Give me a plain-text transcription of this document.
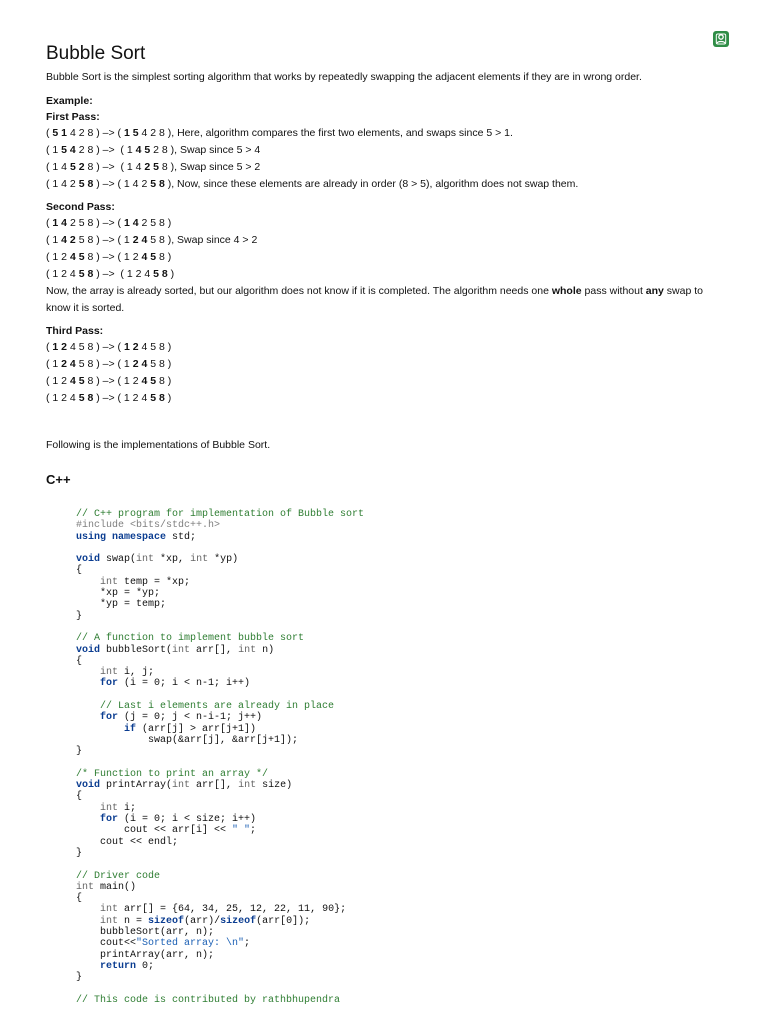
Bubble Sort
Bubble Sort is the simplest sorting algorithm that works by repeatedly swapping the adjacent elements if they are in wrong order.
Example:
First Pass:
( 5 1 4 2 8 ) –> ( 1 5 4 2 8 ), Here, algorithm compares the first two elements, and swaps since 5 > 1.
( 1 5 4 2 8 ) –>  ( 1 4 5 2 8 ), Swap since 5 > 4
( 1 4 5 2 8 ) –>  ( 1 4 2 5 8 ), Swap since 5 > 2
( 1 4 2 5 8 ) –> ( 1 4 2 5 8 ), Now, since these elements are already in order (8 > 5), algorithm does not swap them.
Second Pass:
( 1 4 2 5 8 ) –> ( 1 4 2 5 8 )
( 1 4 2 5 8 ) –> ( 1 2 4 5 8 ), Swap since 4 > 2
( 1 2 4 5 8 ) –> ( 1 2 4 5 8 )
( 1 2 4 5 8 ) –>  ( 1 2 4 5 8 )
Now, the array is already sorted, but our algorithm does not know if it is completed. The algorithm needs one whole pass without any swap to know it is sorted.
Third Pass:
( 1 2 4 5 8 ) –> ( 1 2 4 5 8 )
( 1 2 4 5 8 ) –> ( 1 2 4 5 8 )
( 1 2 4 5 8 ) –> ( 1 2 4 5 8 )
( 1 2 4 5 8 ) –> ( 1 2 4 5 8 )
Following is the implementations of Bubble Sort.
C++
// C++ program for implementation of Bubble sort
#include <bits/stdc++.h>
using namespace std;

void swap(int *xp, int *yp)
{
int temp = *xp;
*xp = *yp;
*yp = temp;
}

// A function to implement bubble sort
void bubbleSort(int arr[], int n)
{
int i, j;
for (i = 0; i < n-1; i++)

// Last i elements are already in place
for (j = 0; j < n-i-1; j++)
if (arr[j] > arr[j+1])
swap(&arr[j], &arr[j+1]);
}

/* Function to print an array */
void printArray(int arr[], int size)
{
int i;
for (i = 0; i < size; i++)
cout << arr[i] << " ";
cout << endl;
}

// Driver code
int main()
{
int arr[] = {64, 34, 25, 12, 22, 11, 90};
int n = sizeof(arr)/sizeof(arr[0]);
bubbleSort(arr, n);
cout<<"Sorted array: \n";
printArray(arr, n);
return 0;
}

// This code is contributed by rathbhupendra
